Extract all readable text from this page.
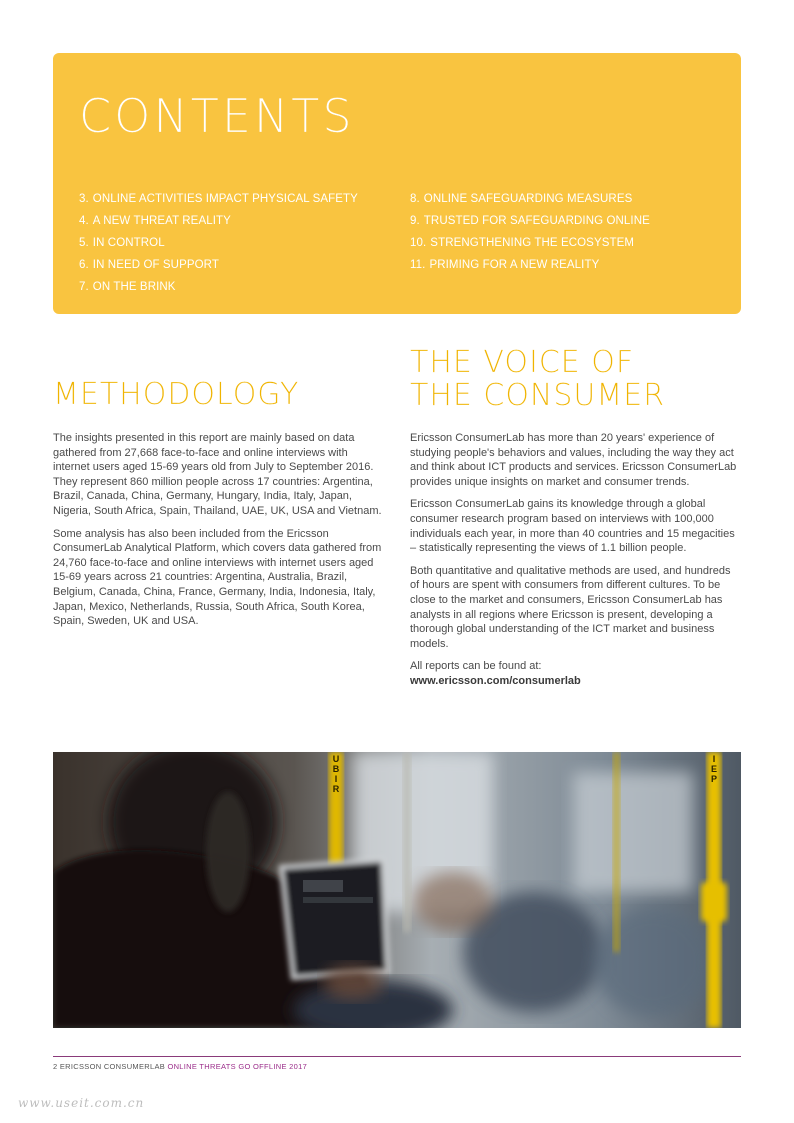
CONTENTS
3. ONLINE ACTIVITIES IMPACT PHYSICAL SAFETY
4. A NEW THREAT REALITY
5. IN CONTROL
6. IN NEED OF SUPPORT
7. ON THE BRINK
8. ONLINE SAFEGUARDING MEASURES
9. TRUSTED FOR SAFEGUARDING ONLINE
10. STRENGTHENING THE ECOSYSTEM
11. PRIMING FOR A NEW REALITY
METHODOLOGY
THE VOICE OF
THE CONSUMER

The insights presented in this report are mainly based on data gathered from 27,668 face-to-face and online interviews with internet users aged 15-69 years old from July to September 2016. They represent 860 million people across 17 countries: Argentina, Brazil, Canada, China, Germany, Hungary, India, Italy, Japan, Nigeria, South Africa, Spain, Thailand, UAE, UK, USA and Vietnam.

Some analysis has also been included from the Ericsson ConsumerLab Analytical Platform, which covers data gathered from 24,760 face-to-face and online interviews with internet users aged 15-69 years across 21 countries: Argentina, Australia, Brazil, Belgium, Canada, China, France, Germany, India, Indonesia, Italy, Japan, Mexico, Netherlands, Russia, South Africa, South Korea, Spain, Sweden, UK and USA.

Ericsson ConsumerLab has more than 20 years' experience of studying people's behaviors and values, including the way they act and think about ICT products and services. Ericsson ConsumerLab provides unique insights on market and consumer trends.

Ericsson ConsumerLab gains its knowledge through a global consumer research program based on interviews with 100,000 individuals each year, in more than 40 countries and 15 megacities – statistically representing the views of 1.1 billion people.

Both quantitative and qualitative methods are used, and hundreds of hours are spent with consumers from different cultures. To be close to the market and consumers, Ericsson ConsumerLab has analysts in all regions where Ericsson is present, developing a thorough global understanding of the ICT market and business models.

All reports can be found at:
www.ericsson.com/consumerlab

U
B
I
R
I
E
P
2 ERICSSON CONSUMERLAB ONLINE THREATS GO OFFLINE 2017
www.useit.com.cn
